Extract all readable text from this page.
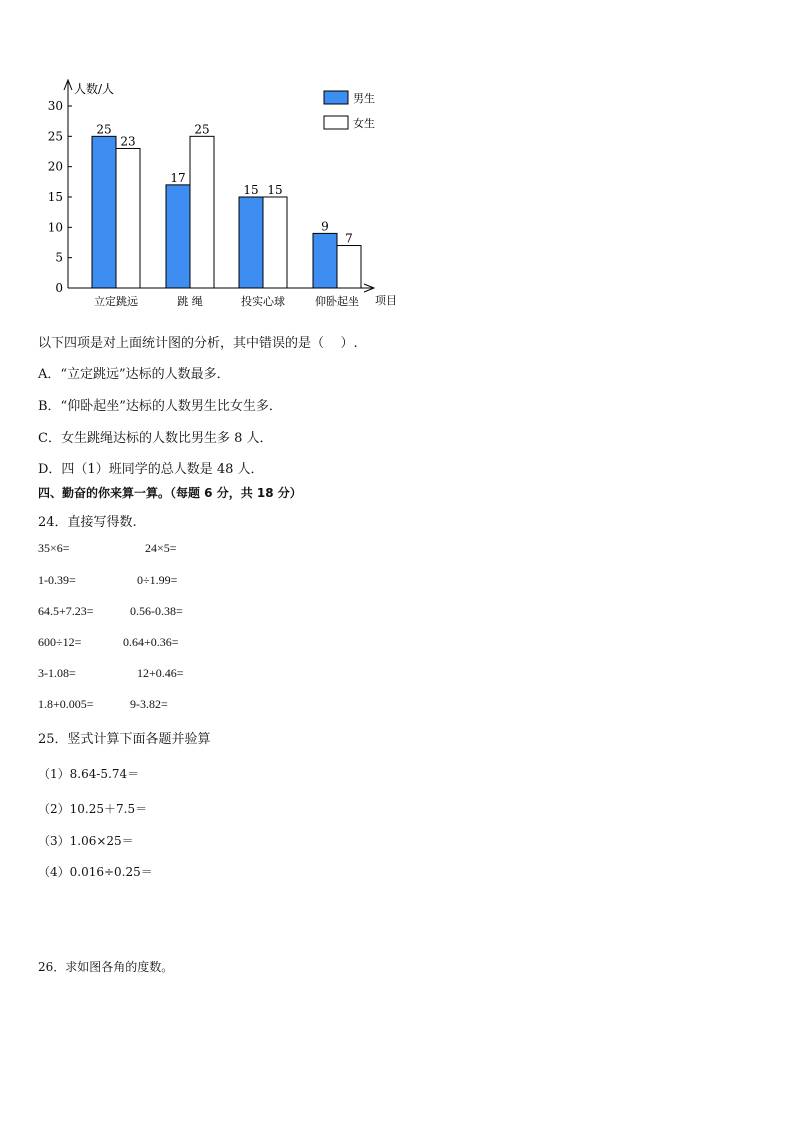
人数/人
项目
0
5
10
15
20
25
30
25
23
立定跳远
17
25
跳 绳
15 15
投实心球
9
7
仰卧起坐
男生
女生
以下四项是对上面统计图的分析，其中错误的是（    ）.
A．“立定跳远”达标的人数最多．
B．“仰卧起坐”达标的人数男生比女生多．
C．女生跳绳达标的人数比男生多 8 人．
D．四（1）班同学的总人数是 48 人．
四、勤奋的你来算一算。（每题 6 分，共 18 分）
24．直接写得数.
35×6=	24×5=
1-0.39=	0÷1.99=
64.5+7.23=	0.56-0.38=
600÷12=	0.64+0.36=
3-1.08=	12+0.46=
1.8+0.005=	9-3.82=
25．竖式计算下面各题并验算
（1）8.64-5.74＝
（2）10.25＋7.5＝
（3）1.06×25＝
（4）0.016÷0.25＝
26．求如图各角的度数。
